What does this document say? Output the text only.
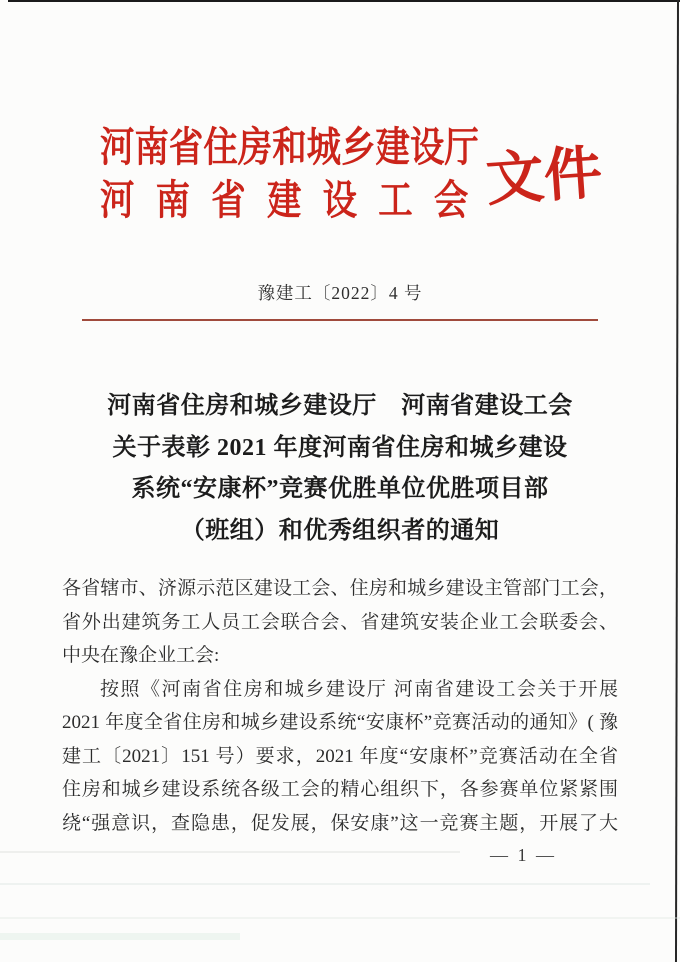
河南省住房和城乡建设厅
河 南 省 建 设 工 会 文件
豫建工〔2022〕4 号
河南省住房和城乡建设厅　河南省建设工会
关于表彰 2021 年度河南省住房和城乡建设
系统“安康杯”竞赛优胜单位优胜项目部
（班组）和优秀组织者的通知
各省辖市、济源示范区建设工会、住房和城乡建设主管部门工会，
省外出建筑务工人员工会联合会、省建筑安装企业工会联委会、
中央在豫企业工会:
按照《河南省住房和城乡建设厅 河南省建设工会关于开展
2021 年度全省住房和城乡建设系统“安康杯”竞赛活动的通知》( 豫
建工〔2021〕151 号）要求，2021 年度“安康杯”竞赛活动在全省
住房和城乡建设系统各级工会的精心组织下，各参赛单位紧紧围
绕“强意识，查隐患，促发展，保安康”这一竞赛主题，开展了大
— 1 —
